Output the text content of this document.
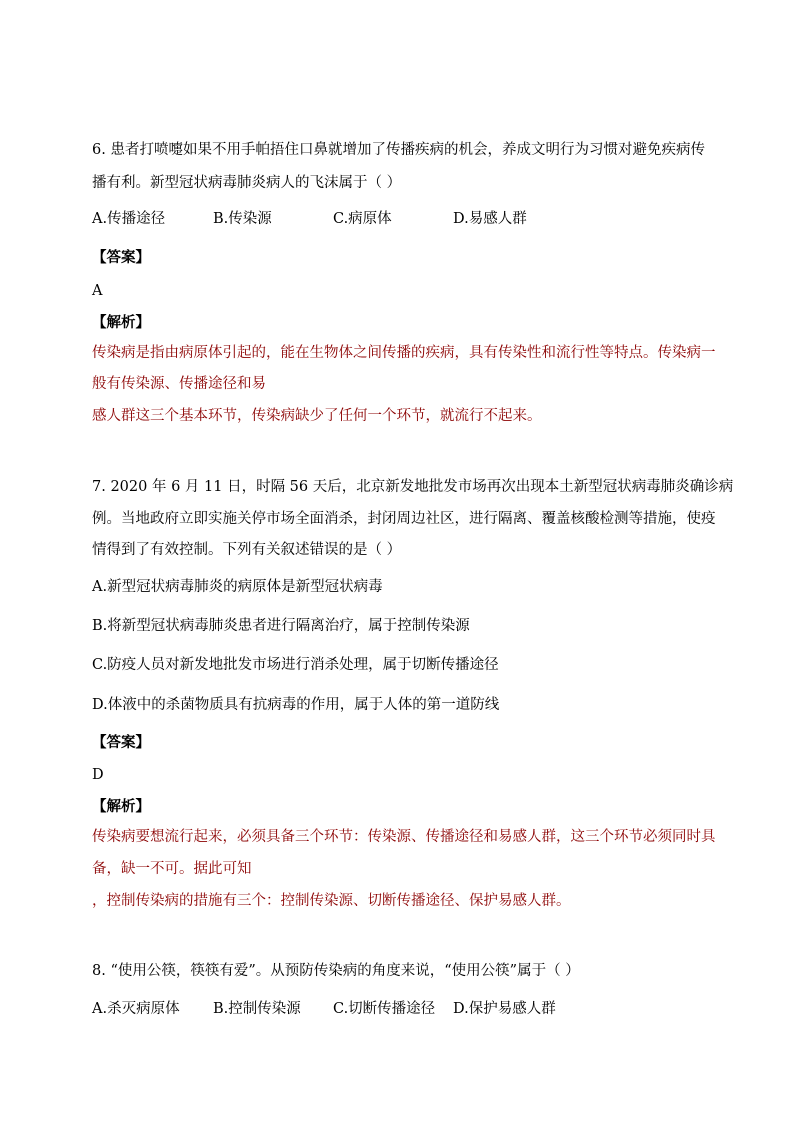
6. 患者打喷嚏如果不用手帕捂住口鼻就增加了传播疾病的机会，养成文明行为习惯对避免疾病传
播有利。新型冠状病毒肺炎病人的飞沫属于（ ）
A.传播途径	B.传染源	C.病原体	D.易感人群
【答案】
A
【解析】
传染病是指由病原体引起的，能在生物体之间传播的疾病，具有传染性和流行性等特点。传染病一
般有传染源、传播途径和易
感人群这三个基本环节，传染病缺少了任何一个环节，就流行不起来。
7. 2020 年 6 月 11 日，时隔 56 天后，北京新发地批发市场再次出现本土新型冠状病毒肺炎确诊病
例。当地政府立即实施关停市场全面消杀，封闭周边社区，进行隔离、覆盖核酸检测等措施，使疫
情得到了有效控制。下列有关叙述错误的是（ ）
A.新型冠状病毒肺炎的病原体是新型冠状病毒
B.将新型冠状病毒肺炎患者进行隔离治疗，属于控制传染源
C.防疫人员对新发地批发市场进行消杀处理，属于切断传播途径
D.体液中的杀菌物质具有抗病毒的作用，属于人体的第一道防线
【答案】
D
【解析】
传染病要想流行起来，必须具备三个环节：传染源、传播途径和易感人群，这三个环节必须同时具
备，缺一不可。据此可知
，控制传染病的措施有三个：控制传染源、切断传播途径、保护易感人群。
8. “使用公筷，筷筷有爱”。从预防传染病的角度来说，“使用公筷”属于（ ）
A.杀灭病原体 B.控制传染源 C.切断传播途径 D.保护易感人群
